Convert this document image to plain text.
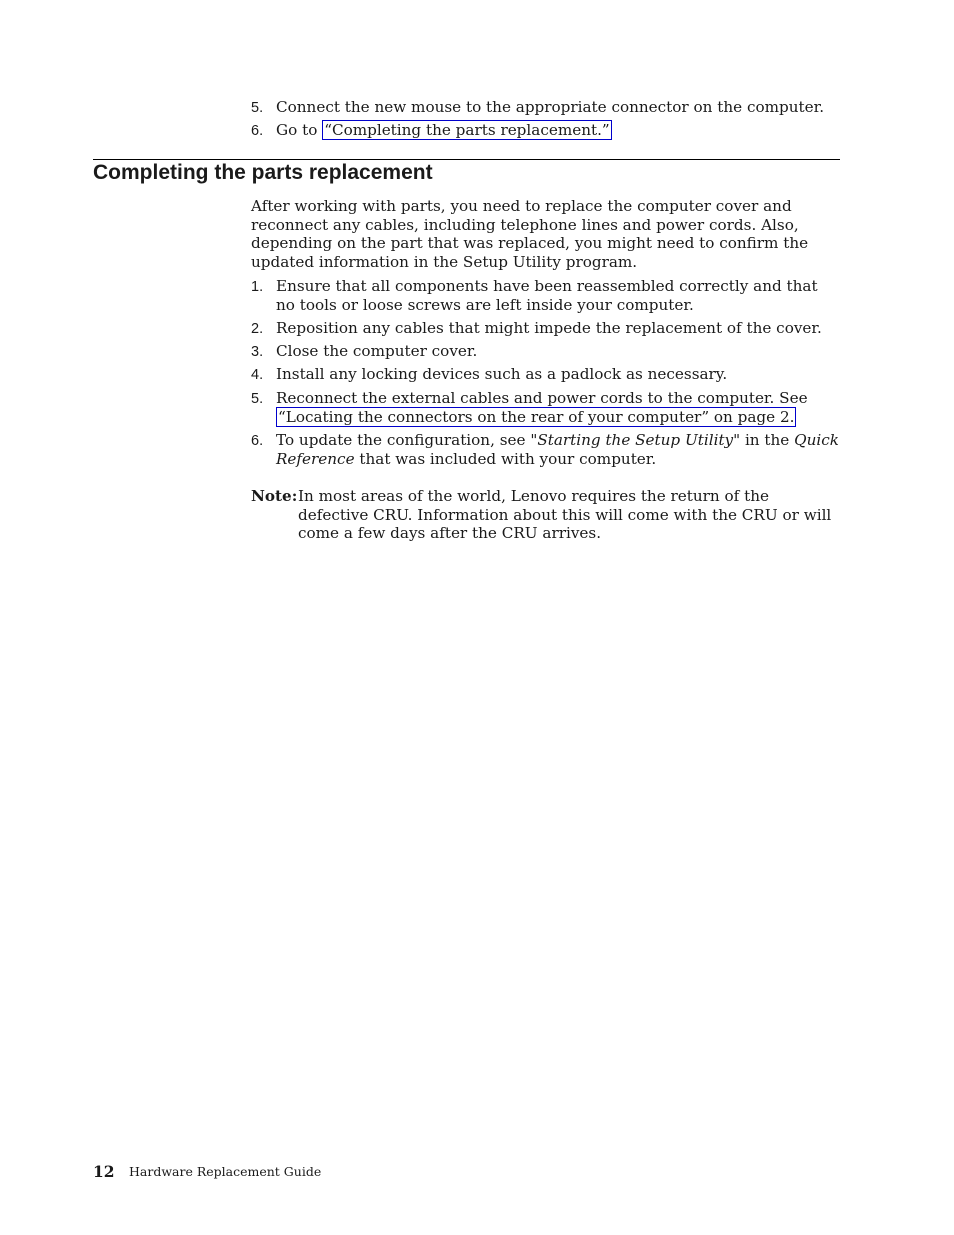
5. Connect the new mouse to the appropriate connector on the computer.
6. Go to “Completing the parts replacement.”
Completing the parts replacement
After working with parts, you need to replace the computer cover and reconnect any cables, including telephone lines and power cords. Also, depending on the part that was replaced, you might need to confirm the updated information in the Setup Utility program.
1. Ensure that all components have been reassembled correctly and that no tools or loose screws are left inside your computer.
2. Reposition any cables that might impede the replacement of the cover.
3. Close the computer cover.
4. Install any locking devices such as a padlock as necessary.
5. Reconnect the external cables and power cords to the computer. See “Locating the connectors on the rear of your computer” on page 2.
6. To update the configuration, see "Starting the Setup Utility" in the Quick Reference that was included with your computer.
Note: In most areas of the world, Lenovo requires the return of the defective CRU. Information about this will come with the CRU or will come a few days after the CRU arrives.
12 Hardware Replacement Guide
